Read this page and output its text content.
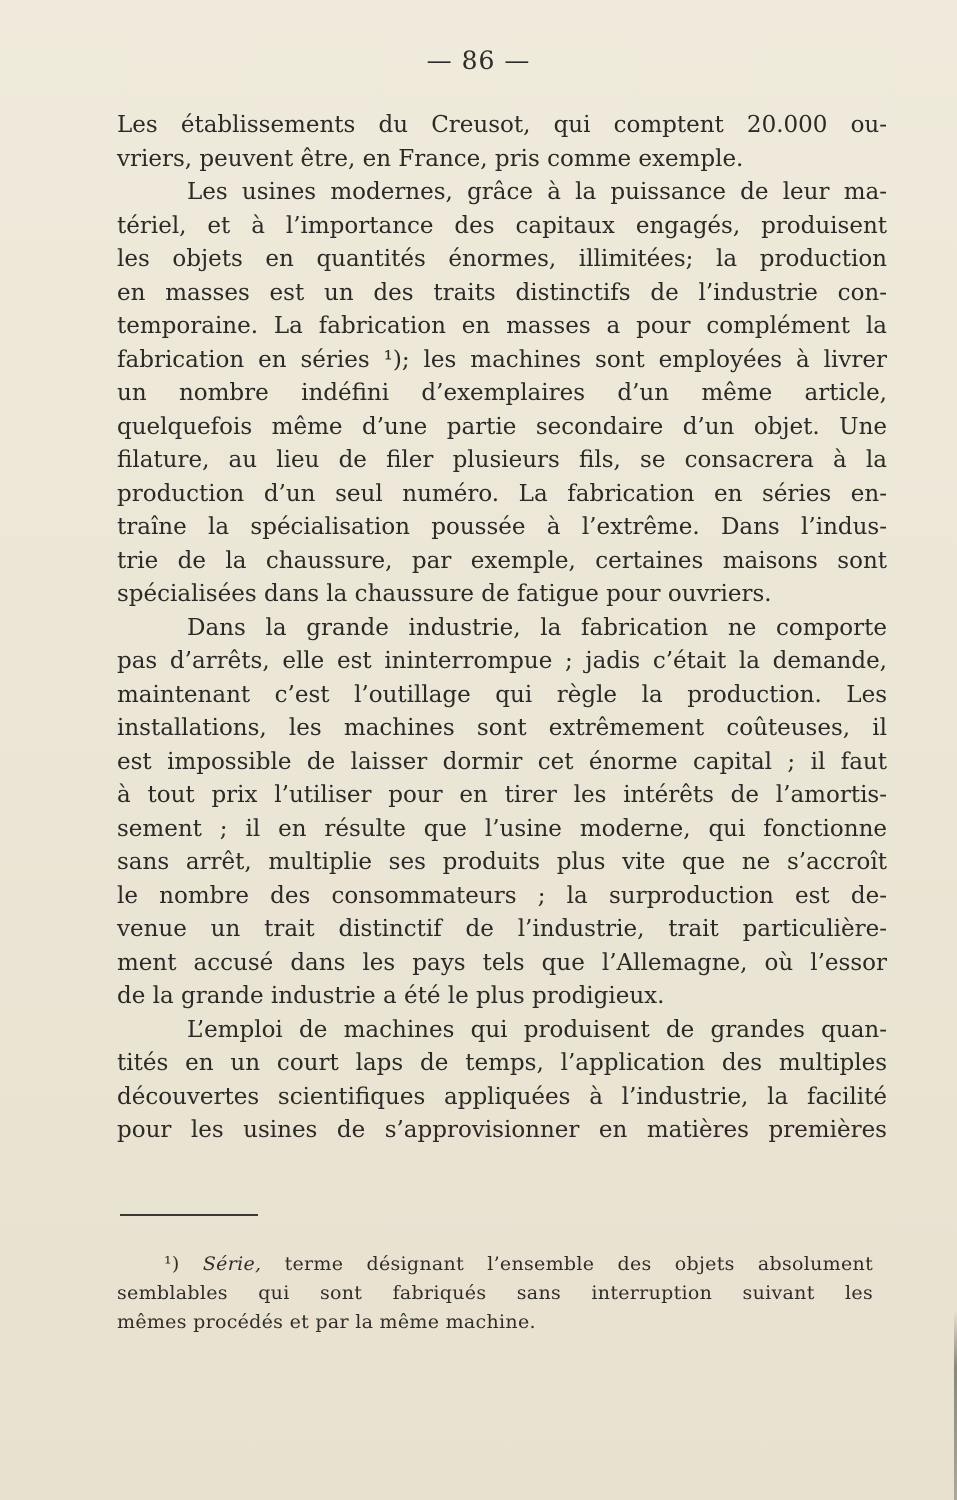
— 86 —
Les établissements du Creusot, qui comptent 20.000 ou-
vriers, peuvent être, en France, pris comme exemple.
Les usines modernes, grâce à la puissance de leur ma-
tériel, et à l’importance des capitaux engagés, produisent
les objets en quantités énormes, illimitées; la production
en masses est un des traits distinctifs de l’industrie con-
temporaine. La fabrication en masses a pour complément la
fabrication en séries ¹); les machines sont employées à livrer
un nombre indéfini d’exemplaires d’un même article,
quelquefois même d’une partie secondaire d’un objet. Une
filature, au lieu de filer plusieurs fils, se consacrera à la
production d’un seul numéro. La fabrication en séries en-
traîne la spécialisation poussée à l’extrême. Dans l’indus-
trie de la chaussure, par exemple, certaines maisons sont
spécialisées dans la chaussure de fatigue pour ouvriers.
Dans la grande industrie, la fabrication ne comporte
pas d’arrêts, elle est ininterrompue ; jadis c’était la demande,
maintenant c’est l’outillage qui règle la production. Les
installations, les machines sont extrêmement coûteuses, il
est impossible de laisser dormir cet énorme capital ; il faut
à tout prix l’utiliser pour en tirer les intérêts de l’amortis-
sement ; il en résulte que l’usine moderne, qui fonctionne
sans arrêt, multiplie ses produits plus vite que ne s’accroît
le nombre des consommateurs ; la surproduction est de-
venue un trait distinctif de l’industrie, trait particulière-
ment accusé dans les pays tels que l’Allemagne, où l’essor
de la grande industrie a été le plus prodigieux.
L’emploi de machines qui produisent de grandes quan-
tités en un court laps de temps, l’application des multiples
découvertes scientifiques appliquées à l’industrie, la facilité
pour les usines de s’approvisionner en matières premières
¹) Série, terme désignant l’ensemble des objets absolument
semblables qui sont fabriqués sans interruption suivant les
mêmes procédés et par la même machine.
